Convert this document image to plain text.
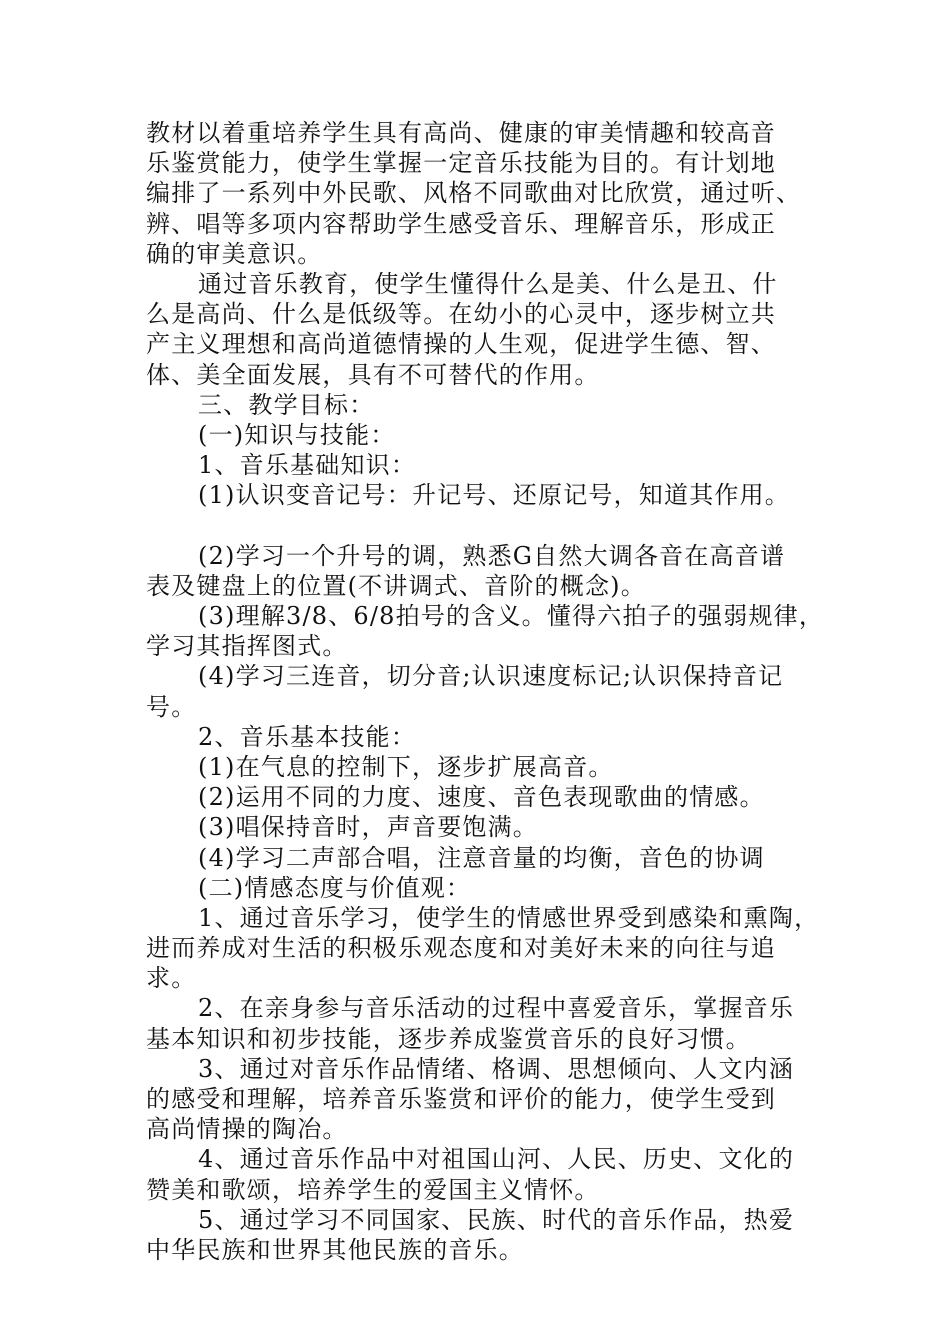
教材以着重培养学生具有高尚、健康的审美情趣和较高音
乐鉴赏能力，使学生掌握一定音乐技能为目的。有计划地
编排了一系列中外民歌、风格不同歌曲对比欣赏，通过听、
辨、唱等多项内容帮助学生感受音乐、理解音乐，形成正
确的审美意识。
通过音乐教育，使学生懂得什么是美、什么是丑、什
么是高尚、什么是低级等。在幼小的心灵中，逐步树立共
产主义理想和高尚道德情操的人生观，促进学生德、智、
体、美全面发展，具有不可替代的作用。
三、教学目标：
(一)知识与技能：
1、音乐基础知识：
(1)认识变音记号：升记号、还原记号，知道其作用。
(2)学习一个升号的调，熟悉G自然大调各音在高音谱
表及键盘上的位置(不讲调式、音阶的概念)。
(3)理解3/8、6/8拍号的含义。懂得六拍子的强弱规律，
学习其指挥图式。
(4)学习三连音，切分音;认识速度标记;认识保持音记
号。
2、音乐基本技能：
(1)在气息的控制下，逐步扩展高音。
(2)运用不同的力度、速度、音色表现歌曲的情感。
(3)唱保持音时，声音要饱满。
(4)学习二声部合唱，注意音量的均衡，音色的协调
(二)情感态度与价值观：
1、通过音乐学习，使学生的情感世界受到感染和熏陶，
进而养成对生活的积极乐观态度和对美好未来的向往与追
求。
2、在亲身参与音乐活动的过程中喜爱音乐，掌握音乐
基本知识和初步技能，逐步养成鉴赏音乐的良好习惯。
3、通过对音乐作品情绪、格调、思想倾向、人文内涵
的感受和理解，培养音乐鉴赏和评价的能力，使学生受到
高尚情操的陶冶。
4、通过音乐作品中对祖国山河、人民、历史、文化的
赞美和歌颂，培养学生的爱国主义情怀。
5、通过学习不同国家、民族、时代的音乐作品，热爱
中华民族和世界其他民族的音乐。
